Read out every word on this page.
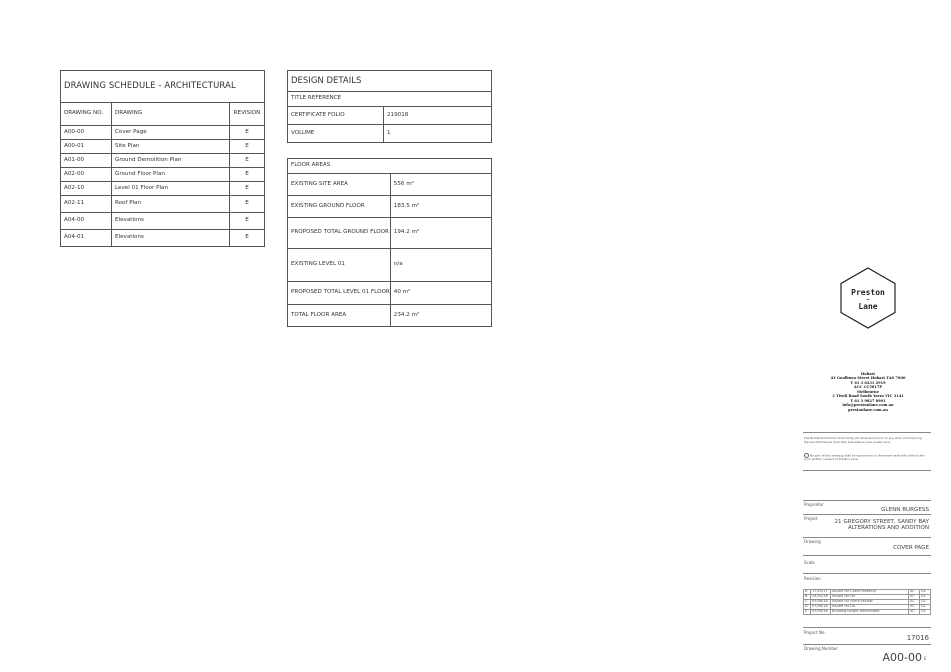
DRAWING SCHEDULE - ARCHITECTURAL		
DRAWING NO.	DRAWING	REVISION
A00-00	Cover Page	E
A00-01	Site Plan	E
A01-00	Ground Demolition Plan	E
A02-00	Ground Floor Plan	E
A02-10	Level 01 Floor Plan	E
A02-11	Roof Plan	E
A04-00	Elevations	E
A04-01	Elevations	E
DESIGN DETAILS	
TITLE REFERENCE	
CERTIFICATE FOLIO	219018
VOLUME	1
FLOOR AREAS	
EXISTING SITE AREA	556 m²
EXISTING GROUND FLOOR	183.5 m²
PROPOSED TOTAL GROUND FLOOR	194.2 m²
EXISTING LEVEL 01	n/a
PROPOSED TOTAL LEVEL 01 FLOOR	40 m²
TOTAL FLOOR AREA	234.2 m²
Preston
—
Lane
Hobart
43 Goulburn Street Hobart TAS 7000
T 61 3 6231 2919
ACC CC5817P
Melbourne
3 Tivoli Road South Yarra VIC 3141
T 61 3 9827 8901
info@prestonlane.com.au
prestonlane.com.au
The Builder/Contractor shall verify job dimensions prior to any work commencing. Figured dimensions shall take precedence over scaled work.
No part of this drawing shall be reproduced or otherwise dealt with without the prior written consent of Preston Lane.
Proprietor
GLENN BURGESS
Project
21 GREGORY STREET, SANDY BAY
ALTERATIONS AND ADDITION
Drawing
COVER PAGE
Scale
Revision
A	17/10/17	Issued for Client Meeting	SC	GL
B	24/02/18	Issued for DA	SC	GL
C	05/06/18	Issued for client review	SC	GL
D	07/06/18	Issued for DA	SC	GL
E	03/09/18	Building height ammended	SC	GL
Project No.
17016
Drawing Number
A00-00 E
